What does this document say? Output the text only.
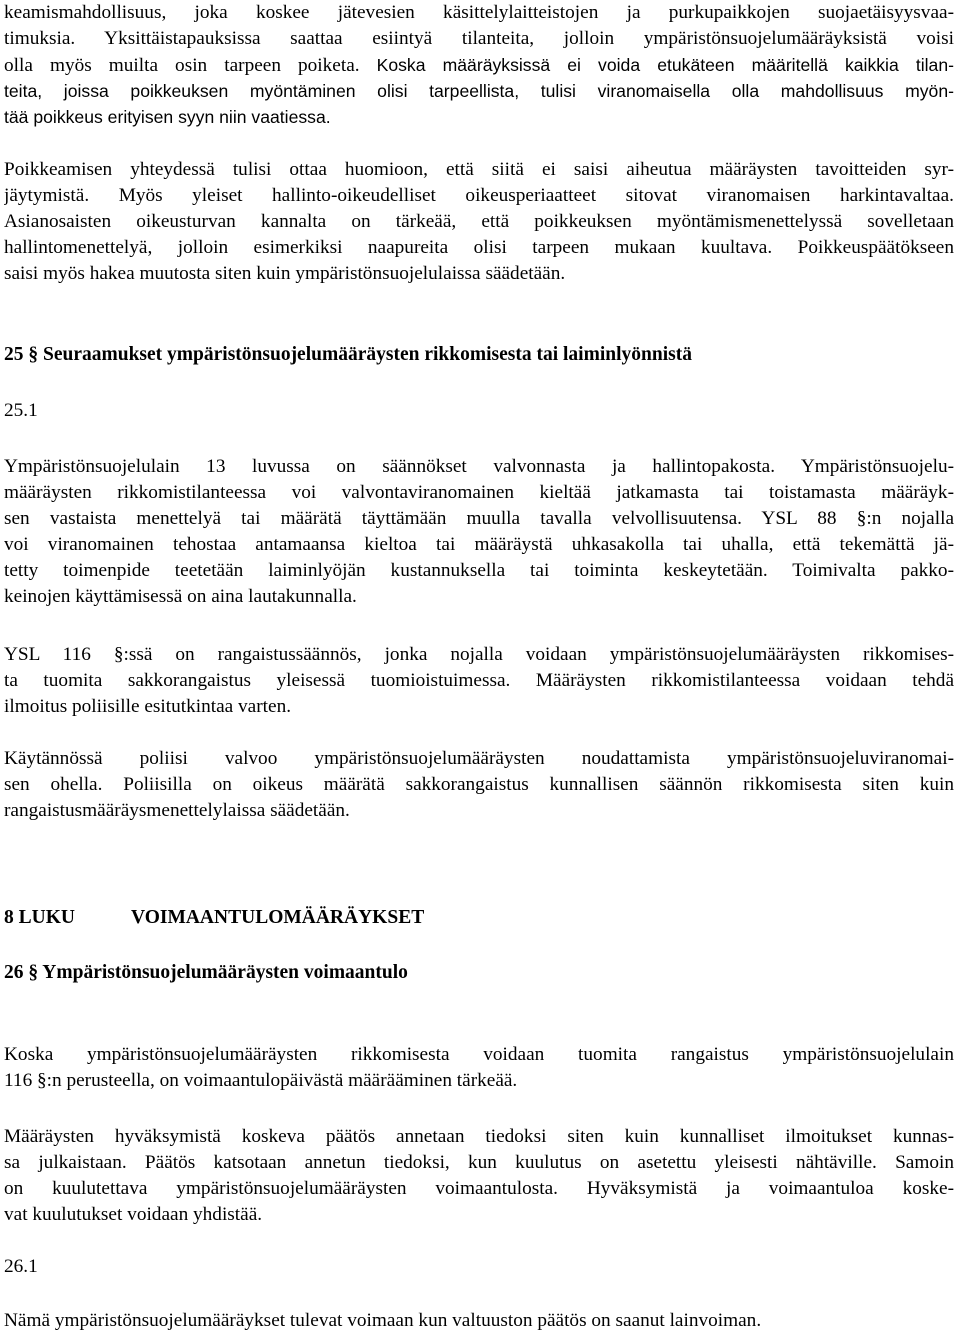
keamismahdollisuus, joka koskee jätevesien käsittelylaitteistojen ja purkupaikkojen suojaetäisyysvaa-
timuksia. Yksittäistapauksissa saattaa esiintyä tilanteita, jolloin ympäristönsuojelumääräyksistä voisi
olla myös muilta osin tarpeen poiketa. Koska määräyksissä ei voida etukäteen määritellä kaikkia tilan-
teita, joissa poikkeuksen myöntäminen olisi tarpeellista, tulisi viranomaisella olla mahdollisuus myön-
tää poikkeus erityisen syyn niin vaatiessa.
Poikkeamisen yhteydessä tulisi ottaa huomioon, että siitä ei saisi aiheutua määräysten tavoitteiden syr-
jäytymistä. Myös yleiset hallinto-oikeudelliset oikeusperiaatteet sitovat viranomaisen harkintavaltaa.
Asianosaisten oikeusturvan kannalta on tärkeää, että poikkeuksen myöntämismenettelyssä sovelletaan
hallintomenettelyä, jolloin esimerkiksi naapureita olisi tarpeen mukaan kuultava. Poikkeuspäätökseen
saisi myös hakea muutosta siten kuin ympäristönsuojelulaissa säädetään.
25 § Seuraamukset ympäristönsuojelumääräysten rikkomisesta tai laiminlyönnistä
25.1
Ympäristönsuojelulain 13 luvussa on säännökset valvonnasta ja hallintopakosta. Ympäristönsuojelu-
määräysten rikkomistilanteessa voi valvontaviranomainen kieltää jatkamasta tai toistamasta määräyk-
sen vastaista menettelyä tai määrätä täyttämään muulla tavalla velvollisuutensa. YSL 88 §:n nojalla
voi viranomainen tehostaa antamaansa kieltoa tai määräystä uhkasakolla tai uhalla, että tekemättä jä-
tetty toimenpide teetetään laiminlyöjän kustannuksella tai toiminta keskeytetään. Toimivalta pakko-
keinojen käyttämisessä on aina lautakunnalla.
YSL 116 §:ssä on rangaistussäännös, jonka nojalla voidaan ympäristönsuojelumääräysten rikkomises-
ta tuomita sakkorangaistus yleisessä tuomioistuimessa. Määräysten rikkomistilanteessa voidaan tehdä
ilmoitus poliisille esitutkintaa varten.
Käytännössä poliisi valvoo ympäristönsuojelumääräysten noudattamista ympäristönsuojeluviranomai-
sen ohella. Poliisilla on oikeus määrätä sakkorangaistus kunnallisen säännön rikkomisesta siten kuin
rangaistusmääräysmenettelylaissa säädetään.
8 LUKU	VOIMAANTULOMÄÄRÄYKSET
26 § Ympäristönsuojelumääräysten voimaantulo
Koska ympäristönsuojelumääräysten rikkomisesta voidaan tuomita rangaistus ympäristönsuojelulain
116 §:n perusteella, on voimaantulopäivästä määrääminen tärkeää.
Määräysten hyväksymistä koskeva päätös annetaan tiedoksi siten kuin kunnalliset ilmoitukset kunnas-
sa julkaistaan. Päätös katsotaan annetun tiedoksi, kun kuulutus on asetettu yleisesti nähtäville. Samoin
on kuulutettava ympäristönsuojelumääräysten voimaantulosta. Hyväksymistä ja voimaantuloa koske-
vat kuulutukset voidaan yhdistää.
26.1
Nämä ympäristönsuojelumääräykset tulevat voimaan kun valtuuston päätös on saanut lainvoiman.
